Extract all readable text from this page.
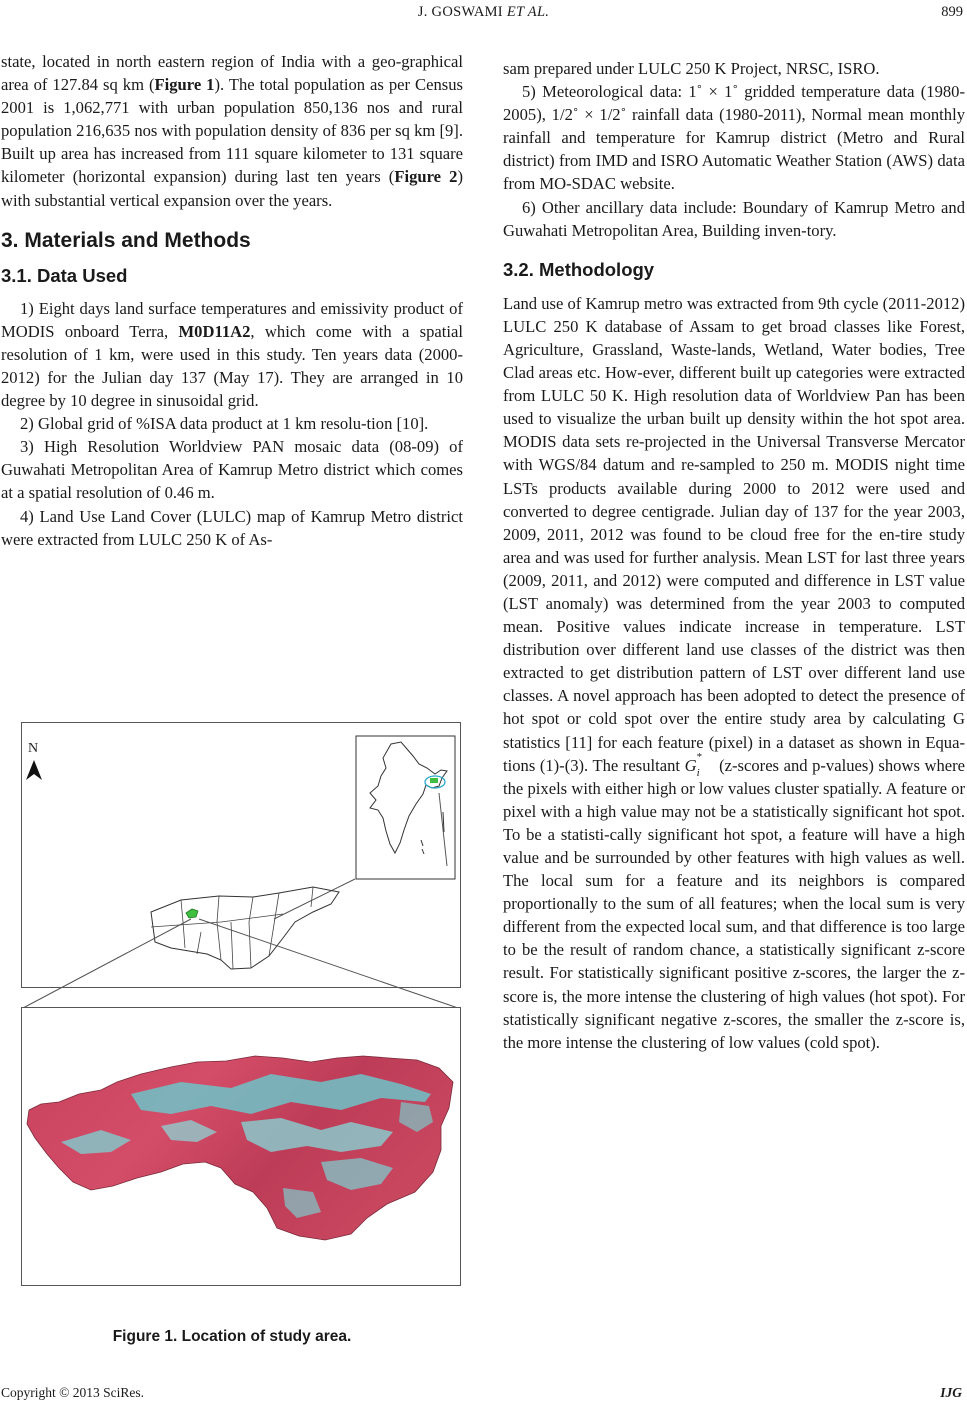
J. GOSWAMI ET AL.	899

state, located in north eastern region of India with a geo-graphical area of 127.84 sq km (Figure 1). The total population as per Census 2001 is 1,062,771 with urban population 850,136 nos and rural population 216,635 nos with population density of 836 per sq km [9]. Built up area has increased from 111 square kilometer to 131 square kilometer (horizontal expansion) during last ten years (Figure 2) with substantial vertical expansion over the years.

3. Materials and Methods
3.1. Data Used

1) Eight days land surface temperatures and emissivity product of MODIS onboard Terra, M0D11A2, which come with a spatial resolution of 1 km, were used in this study. Ten years data (2000-2012) for the Julian day 137 (May 17). They are arranged in 10 degree by 10 degree in sinusoidal grid.

2) Global grid of %ISA data product at 1 km resolu-tion [10].

3) High Resolution Worldview PAN mosaic data (08-09) of Guwahati Metropolitan Area of Kamrup Metro district which comes at a spatial resolution of 0.46 m.

4) Land Use Land Cover (LULC) map of Kamrup Metro district were extracted from LULC 250 K of As-

N
Figure 1. Location of study area.

sam prepared under LULC 250 K Project, NRSC, ISRO.

5) Meteorological data: 1˚ × 1˚ gridded temperature data (1980-2005), 1/2˚ × 1/2˚ rainfall data (1980-2011), Normal mean monthly rainfall and temperature for Kamrup district (Metro and Rural district) from IMD and ISRO Automatic Weather Station (AWS) data from MO-SDAC website.

6) Other ancillary data include: Boundary of Kamrup Metro and Guwahati Metropolitan Area, Building inven-tory.

3.2. Methodology

Land use of Kamrup metro was extracted from 9th cycle (2011-2012) LULC 250 K database of Assam to get broad classes like Forest, Agriculture, Grassland, Waste-lands, Wetland, Water bodies, Tree Clad areas etc. How-ever, different built up categories were extracted from LULC 50 K. High resolution data of Worldview Pan has been used to visualize the urban built up density within the hot spot area. MODIS data sets re-projected in the Universal Transverse Mercator with WGS/84 datum and re-sampled to 250 m. MODIS night time LSTs products available during 2000 to 2012 were used and converted to degree centigrade. Julian day of 137 for the year 2003, 2009, 2011, 2012 was found to be cloud free for the en-tire study area and was used for further analysis. Mean LST for last three years (2009, 2011, and 2012) were computed and difference in LST value (LST anomaly) was determined from the year 2003 to computed mean. Positive values indicate increase in temperature. LST distribution over different land use classes of the district was then extracted to get distribution pattern of LST over different land use classes. A novel approach has been adopted to detect the presence of hot spot or cold spot over the entire study area by calculating G statistics [11] for each feature (pixel) in a dataset as shown in Equa-tions (1)-(3). The resultant G *
i (z-scores and p-values) shows where the pixels with either high or low values cluster spatially. A feature or pixel with a high value may not be a statistically significant hot spot. To be a statisti-cally significant hot spot, a feature will have a high value and be surrounded by other features with high values as well. The local sum for a feature and its neighbors is compared proportionally to the sum of all features; when the local sum is very different from the expected local sum, and that difference is too large to be the result of random chance, a statistically significant z-score result. For statistically significant positive z-scores, the larger the z-score is, the more intense the clustering of high values (hot spot). For statistically significant negative z-scores, the smaller the z-score is, the more intense the clustering of low values (cold spot).

Copyright © 2013 SciRes.	IJG
